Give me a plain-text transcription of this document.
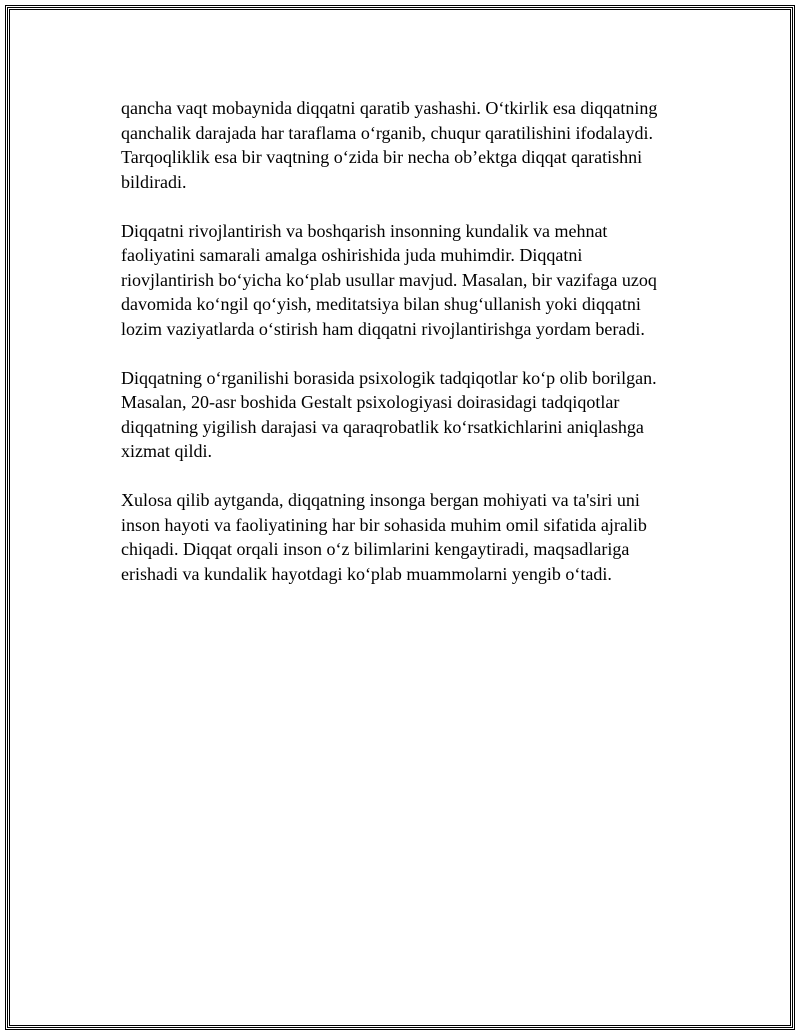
qancha vaqt mobaynida diqqatni qaratib yashashi. O‘tkirlik esa diqqatning
qanchalik darajada har taraflama o‘rganib, chuqur qaratilishini ifodalaydi.
Tarqoqliklik esa bir vaqtning o‘zida bir necha ob’ektga diqqat qaratishni
bildiradi.

Diqqatni rivojlantirish va boshqarish insonning kundalik va mehnat
faoliyatini samarali amalga oshirishida juda muhimdir. Diqqatni
riovjlantirish bo‘yicha ko‘plab usullar mavjud. Masalan, bir vazifaga uzoq
davomida ko‘ngil qo‘yish, meditatsiya bilan shug‘ullanish yoki diqqatni
lozim vaziyatlarda o‘stirish ham diqqatni rivojlantirishga yordam beradi.

Diqqatning o‘rganilishi borasida psixologik tadqiqotlar ko‘p olib borilgan.
Masalan, 20-asr boshida Gestalt psixologiyasi doirasidagi tadqiqotlar
diqqatning yigilish darajasi va qaraqrobatlik ko‘rsatkichlarini aniqlashga
xizmat qildi.

Xulosa qilib aytganda, diqqatning insonga bergan mohiyati va ta'siri uni
inson hayoti va faoliyatining har bir sohasida muhim omil sifatida ajralib
chiqadi. Diqqat orqali inson o‘z bilimlarini kengaytiradi, maqsadlariga
erishadi va kundalik hayotdagi ko‘plab muammolarni yengib o‘tadi.
